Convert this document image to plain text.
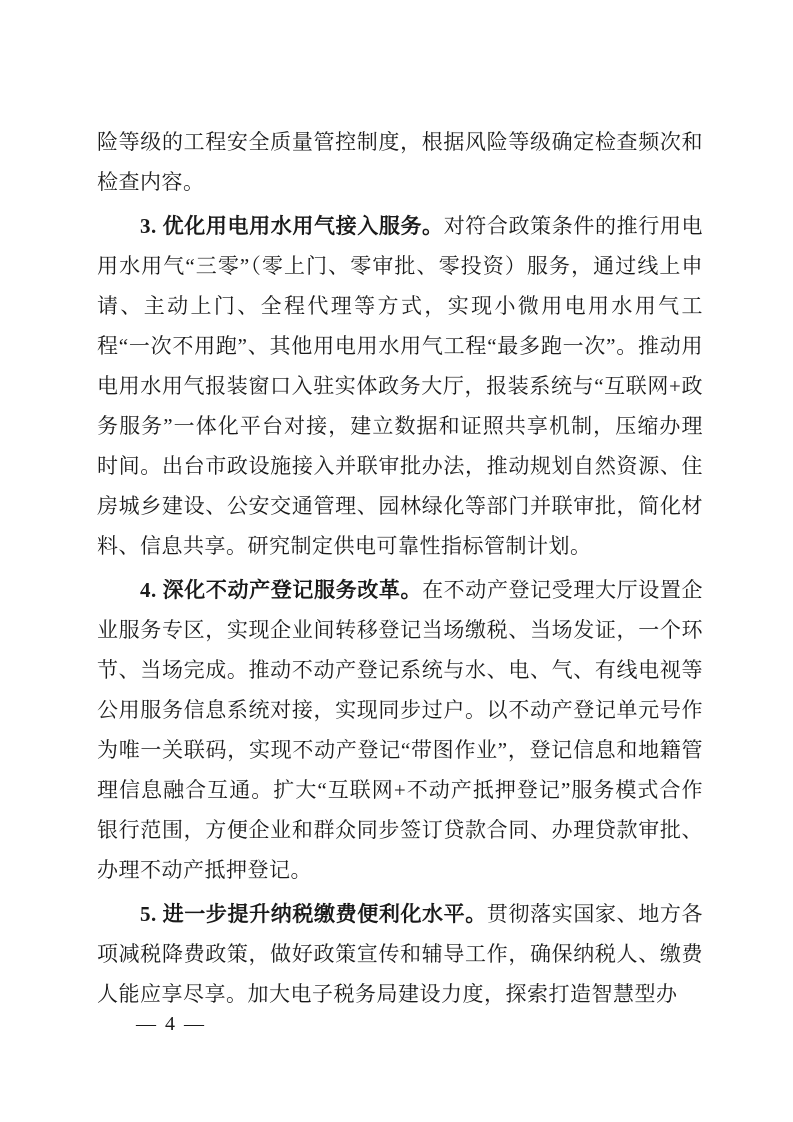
险等级的工程安全质量管控制度，根据风险等级确定检查频次和检查内容。

3. 优化用电用水用气接入服务。对符合政策条件的推行用电用水用气“三零”（零上门、零审批、零投资）服务，通过线上申请、主动上门、全程代理等方式，实现小微用电用水用气工程“一次不用跑”、其他用电用水用气工程“最多跑一次”。推动用电用水用气报装窗口入驻实体政务大厅，报装系统与“互联网+政务服务”一体化平台对接，建立数据和证照共享机制，压缩办理时间。出台市政设施接入并联审批办法，推动规划自然资源、住房城乡建设、公安交通管理、园林绿化等部门并联审批，简化材料、信息共享。研究制定供电可靠性指标管制计划。

4. 深化不动产登记服务改革。在不动产登记受理大厅设置企业服务专区，实现企业间转移登记当场缴税、当场发证，一个环节、当场完成。推动不动产登记系统与水、电、气、有线电视等公用服务信息系统对接，实现同步过户。以不动产登记单元号作为唯一关联码，实现不动产登记“带图作业”，登记信息和地籍管理信息融合互通。扩大“互联网+不动产抵押登记”服务模式合作银行范围，方便企业和群众同步签订贷款合同、办理贷款审批、办理不动产抵押登记。

5. 进一步提升纳税缴费便利化水平。贯彻落实国家、地方各项减税降费政策，做好政策宣传和辅导工作，确保纳税人、缴费人能应享尽享。加大电子税务局建设力度，探索打造智慧型办

— 4 —
